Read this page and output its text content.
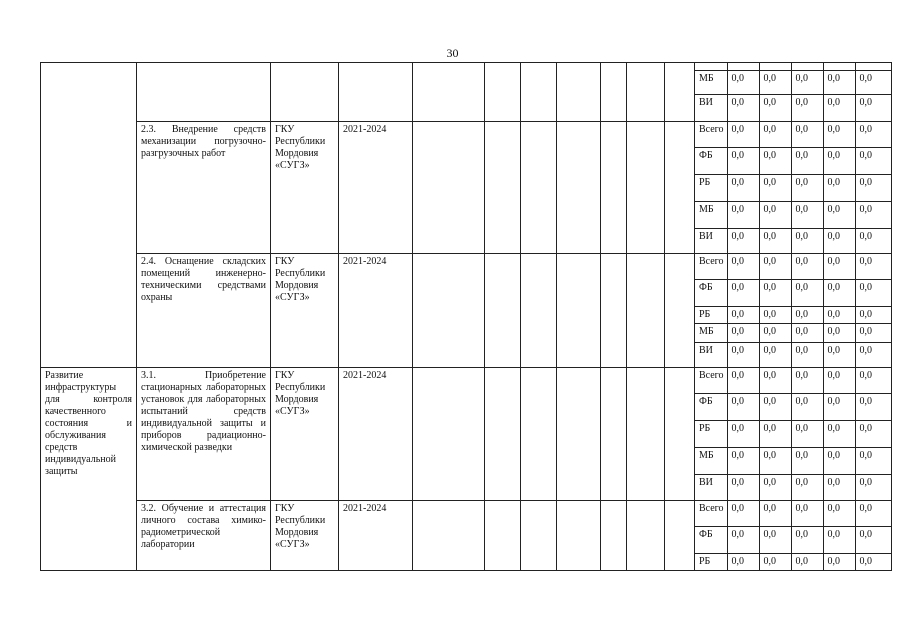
30

											МБ	0,0	0,0	0,0	0,0	0,0
											ВИ	0,0	0,0	0,0	0,0	0,0
	2.3. Внедрение средств механизации погрузочно-разгрузочных работ	ГКУ Республики Мордовия «СУГЗ»	2021-2024								Всего	0,0	0,0	0,0	0,0	0,0
											ФБ	0,0	0,0	0,0	0,0	0,0
											РБ	0,0	0,0	0,0	0,0	0,0
											МБ	0,0	0,0	0,0	0,0	0,0
											ВИ	0,0	0,0	0,0	0,0	0,0
	2.4. Оснащение складских помещений инженерно-техническими средствами охраны	ГКУ Республики Мордовия «СУГЗ»	2021-2024								Всего	0,0	0,0	0,0	0,0	0,0
											ФБ	0,0	0,0	0,0	0,0	0,0
											РБ	0,0	0,0	0,0	0,0	0,0
											МБ	0,0	0,0	0,0	0,0	0,0
											ВИ	0,0	0,0	0,0	0,0	0,0
Развитие инфраструктуры для контроля качественного состояния и обслуживания средств индивидуальной защиты	3.1. Приобретение стационарных лабораторных установок для лабораторных испытаний средств индивидуальной защиты и приборов радиационно-химической разведки	ГКУ Республики Мордовия «СУГЗ»	2021-2024								Всего	0,0	0,0	0,0	0,0	0,0
											ФБ	0,0	0,0	0,0	0,0	0,0
											РБ	0,0	0,0	0,0	0,0	0,0
											МБ	0,0	0,0	0,0	0,0	0,0
											ВИ	0,0	0,0	0,0	0,0	0,0
	3.2. Обучение и аттестация личного состава химико-радиометрической лаборатории	ГКУ Республики Мордовия «СУГЗ»	2021-2024								Всего	0,0	0,0	0,0	0,0	0,0
											ФБ	0,0	0,0	0,0	0,0	0,0
											РБ	0,0	0,0	0,0	0,0	0,0
